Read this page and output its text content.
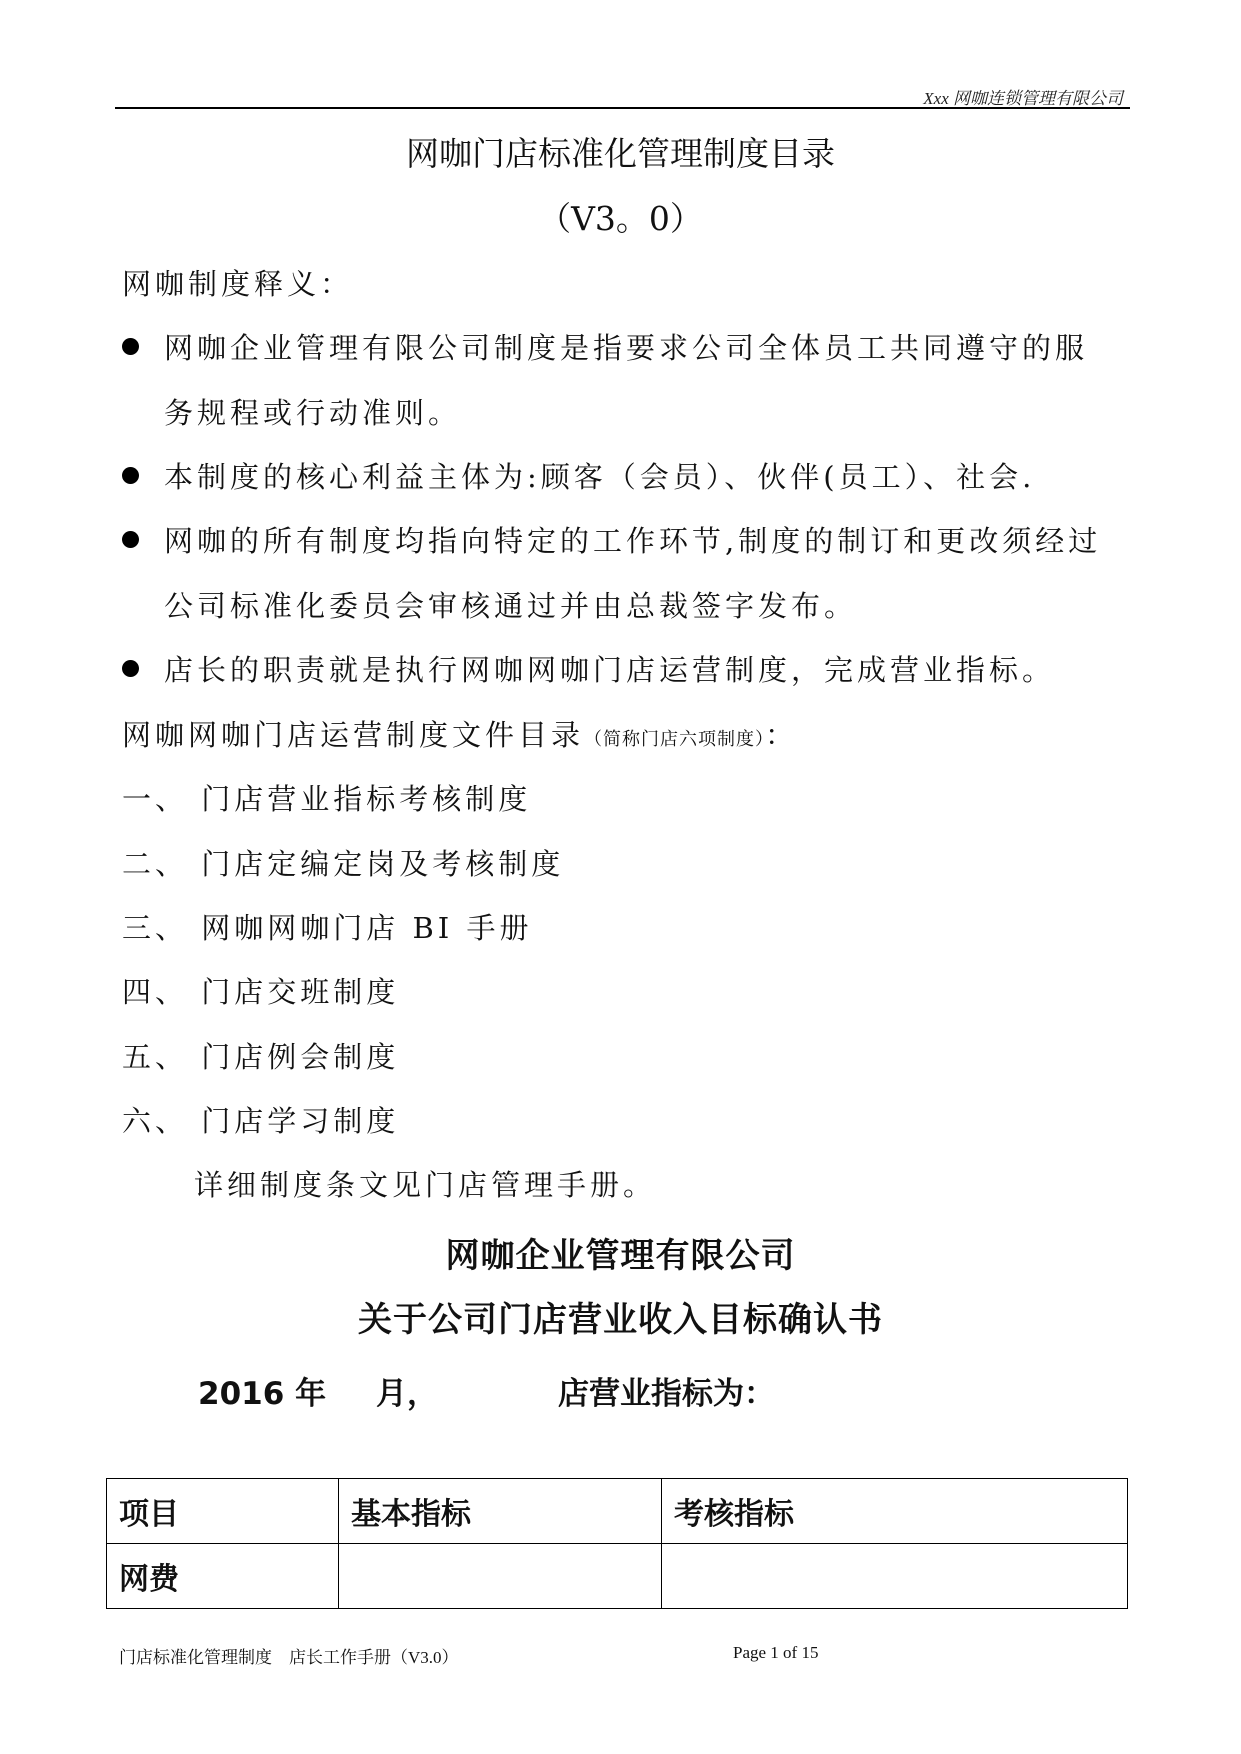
Xxx 网咖连锁管理有限公司
网咖门店标准化管理制度目录
（V3。0）
网咖制度释义：
网咖企业管理有限公司制度是指要求公司全体员工共同遵守的服
务规程或行动准则。
本制度的核心利益主体为:顾客（会员）、伙伴(员工）、社会.
网咖的所有制度均指向特定的工作环节,制度的制订和更改须经过
公司标准化委员会审核通过并由总裁签字发布。
店长的职责就是执行网咖网咖门店运营制度，完成营业指标。
网咖网咖门店运营制度文件目录（简称门店六项制度）：
一、 门店营业指标考核制度
二、 门店定编定岗及考核制度
三、 网咖网咖门店 BI 手册
四、 门店交班制度
五、 门店例会制度
六、 门店学习制度
详细制度条文见门店管理手册。
网咖企业管理有限公司
关于公司门店营业收入目标确认书
2016 年 月，	店营业指标为：
项目	基本指标	考核指标
网费		
门店标准化管理制度　店长工作手册（V3.0）	Page 1 of 15
